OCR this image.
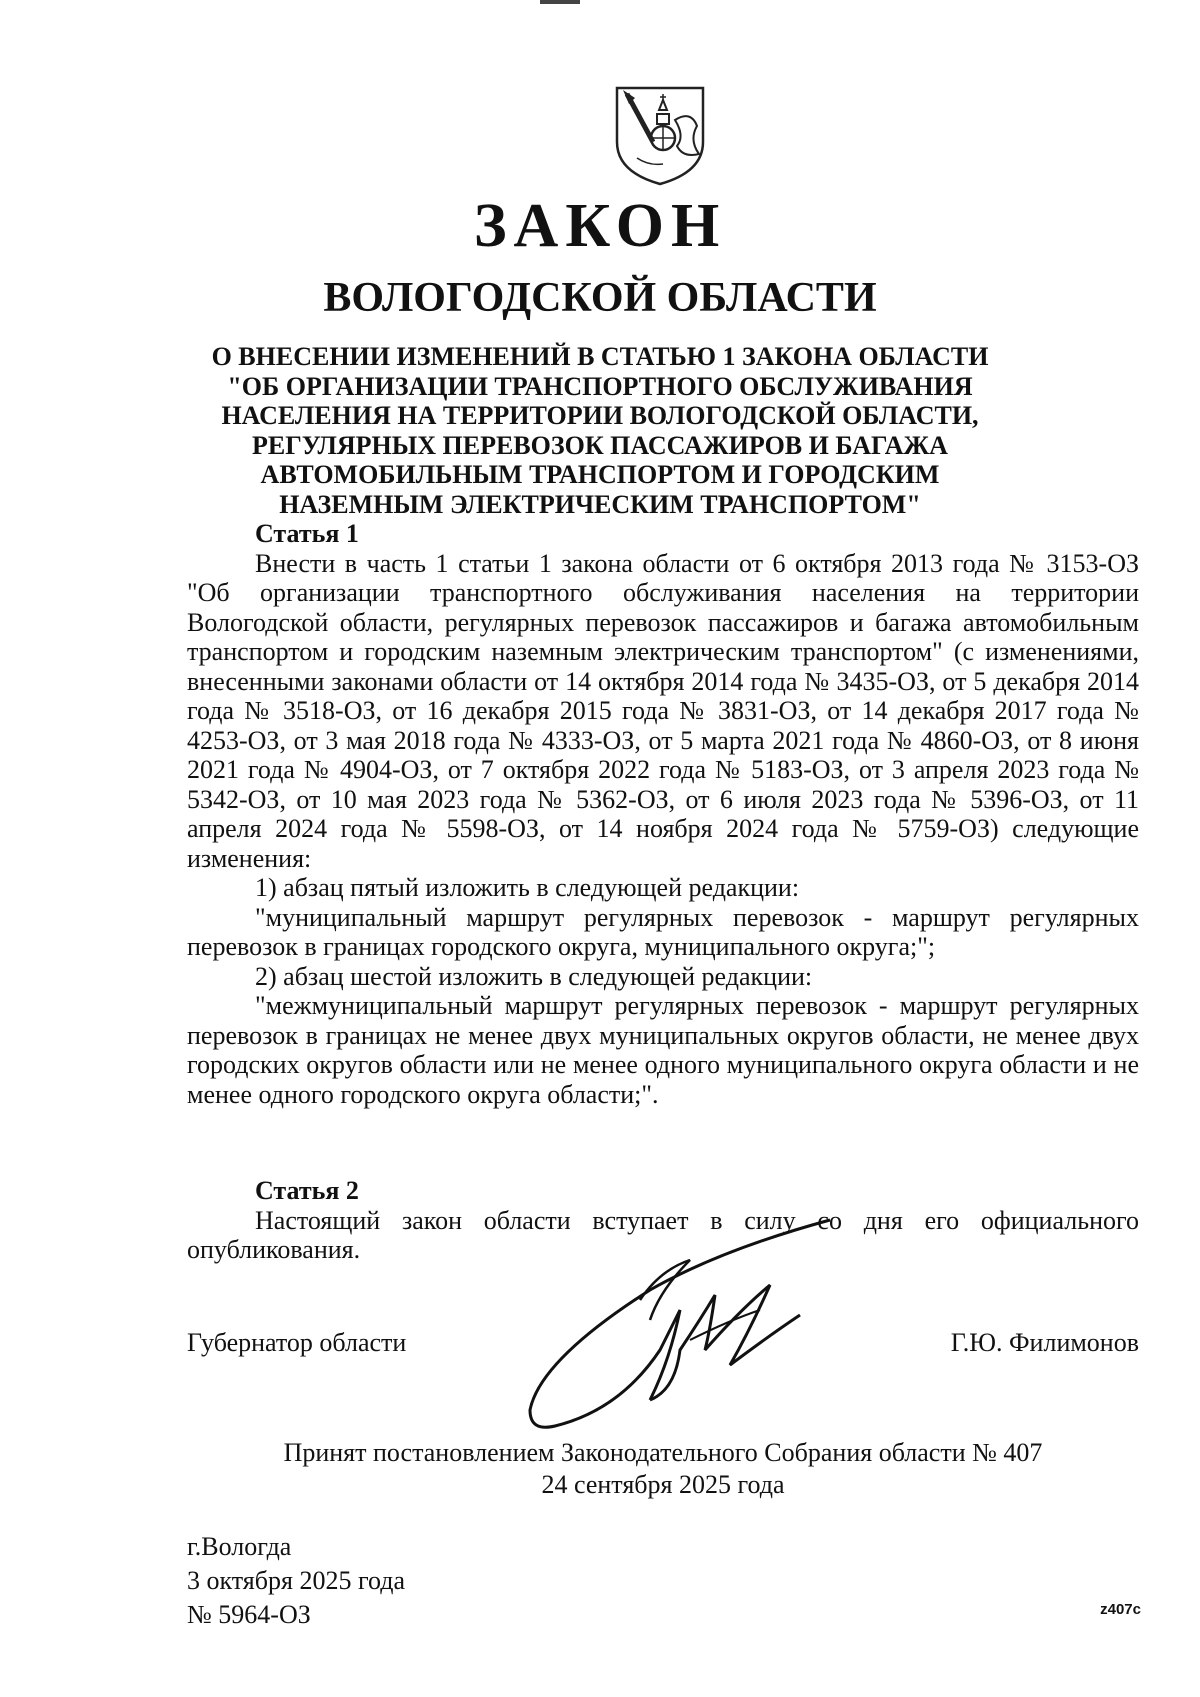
ЗАКОН
ВОЛОГОДСКОЙ ОБЛАСТИ
О ВНЕСЕНИИ ИЗМЕНЕНИЙ В СТАТЬЮ 1 ЗАКОНА ОБЛАСТИ
"ОБ ОРГАНИЗАЦИИ ТРАНСПОРТНОГО ОБСЛУЖИВАНИЯ
НАСЕЛЕНИЯ НА ТЕРРИТОРИИ ВОЛОГОДСКОЙ ОБЛАСТИ,
РЕГУЛЯРНЫХ ПЕРЕВОЗОК ПАССАЖИРОВ И БАГАЖА
АВТОМОБИЛЬНЫМ ТРАНСПОРТОМ И ГОРОДСКИМ
НАЗЕМНЫМ ЭЛЕКТРИЧЕСКИМ ТРАНСПОРТОМ"
Статья 1

Внести в часть 1 статьи 1 закона области от 6 октября 2013 года № 3153-ОЗ "Об организации транспортного обслуживания населения на территории Вологодской области, регулярных перевозок пассажиров и багажа автомобильным транспортом и городским наземным электрическим транспортом" (с изменениями, внесенными законами области от 14 октября 2014 года № 3435-ОЗ, от 5 декабря 2014 года № 3518-ОЗ, от 16 декабря 2015 года № 3831-ОЗ, от 14 декабря 2017 года № 4253-ОЗ, от 3 мая 2018 года № 4333-ОЗ, от 5 марта 2021 года № 4860-ОЗ, от 8 июня 2021 года № 4904-ОЗ, от 7 октября 2022 года № 5183-ОЗ, от 3 апреля 2023 года № 5342-ОЗ, от 10 мая 2023 года № 5362-ОЗ, от 6 июля 2023 года № 5396-ОЗ, от 11 апреля 2024 года № 5598-ОЗ, от 14 ноября 2024 года № 5759-ОЗ) следующие изменения:

1) абзац пятый изложить в следующей редакции:

"муниципальный маршрут регулярных перевозок - маршрут регулярных перевозок в границах городского округа, муниципального округа;";

2) абзац шестой изложить в следующей редакции:

"межмуниципальный маршрут регулярных перевозок - маршрут регулярных перевозок в границах не менее двух муниципальных округов области, не менее двух городских округов области или не менее одного муниципального округа области и не менее одного городского округа области;".

Статья 2

Настоящий закон области вступает в силу со дня его официального опубликования.

Губернатор области	Г.Ю. Филимонов
Принят постановлением Законодательного Собрания области № 407
24 сентября 2025 года
г.Вологда
3 октября 2025 года
№ 5964-ОЗ	z407c
